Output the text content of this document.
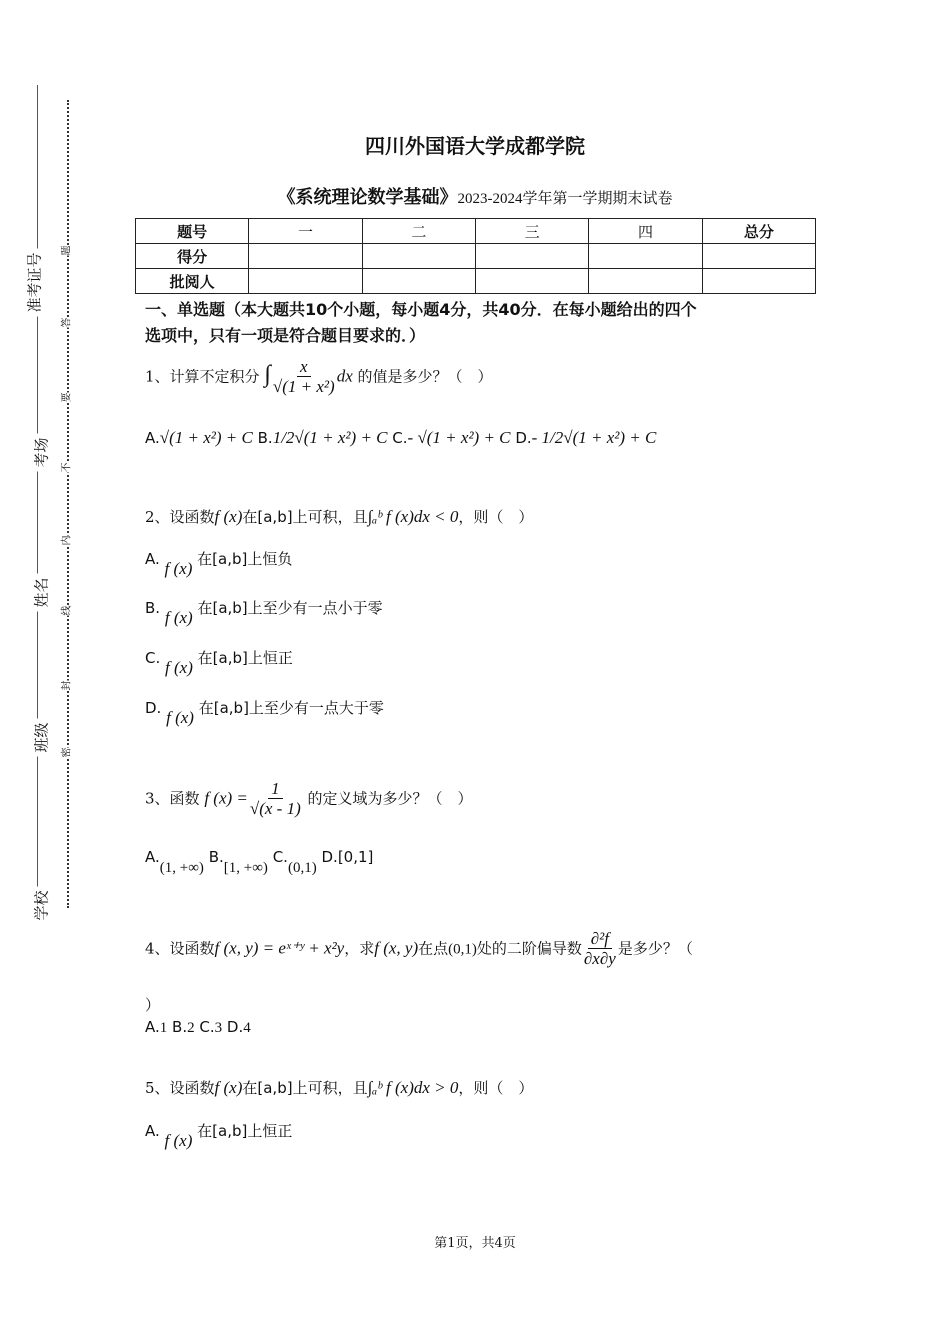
学校
班级
姓名
考场
准考证号
密
封
线
内
不
要
答
题
四川外国语大学成都学院
《系统理论数学基础》2023-2024学年第一学期期末试卷
题号	一	二	三	四	总分
得分					
批阅人					
一、单选题（本大题共10个小题，每小题4分，共40分．在每小题给出的四个
选项中，只有一项是符合题目要求的．）
1、计算不定积分 ∫ $\frac{x}{\text{√(1 + x²)}}$ dx 的值是多少？（　）
A.√(1 + x²) + C B.1/2√(1 + x²) + C C.- √(1 + x²) + C D.- 1/2√(1 + x²) + C
2、设函数f (x)在[a,b]上可积，且∫ₐᵇ f (x)dx < 0，则（　）
A. f (x) 在[a,b]上恒负
B. f (x) 在[a,b]上至少有一点小于零
C. f (x) 在[a,b]上恒正
D. f (x) 在[a,b]上至少有一点大于零
3、函数 f $(x) = \frac{1}{√(x - 1)}$ 的定义域为多少？（　）
A.(1, +∞) B.[1, +∞) C.(0,1) D.[0,1]
4、设函数f (x, y) = eˣ⁺ʸ + x²y，求f (x, y)在点(0,1)处的二阶偏导数 $\frac{\text{∂²f}}{\partial x\partial y}$ 是多少？（
）
A.1 B.2 C.3 D.4
5、设函数f (x)在[a,b]上可积，且∫ₐᵇ f (x)dx > 0，则（　）
A. f (x) 在[a,b]上恒正
第1页，共4页
